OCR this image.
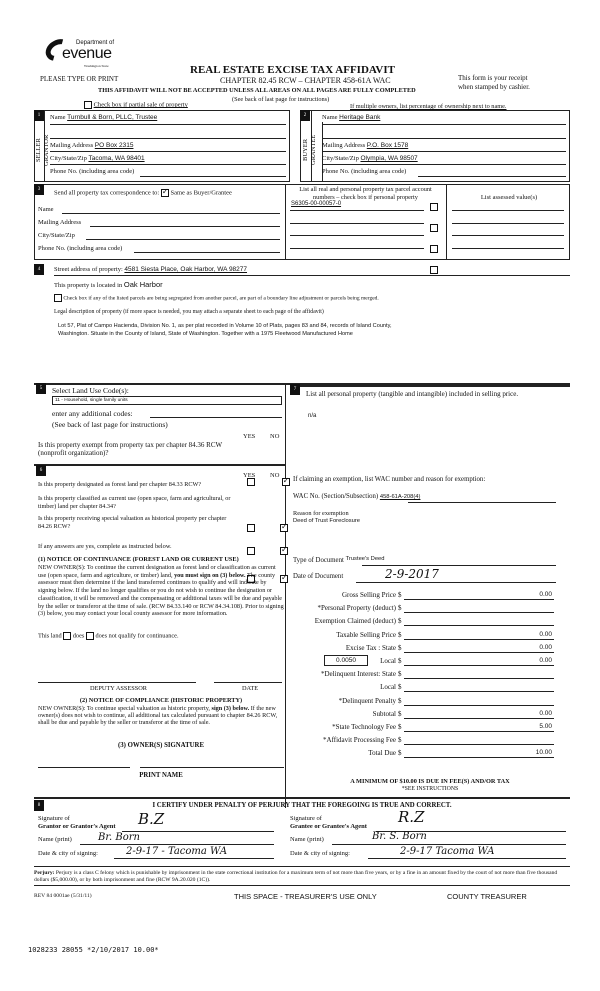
Department of
evenue
Washington State
PLEASE TYPE OR PRINT
REAL ESTATE EXCISE TAX AFFIDAVIT
CHAPTER 82.45 RCW – CHAPTER 458-61A WAC
THIS AFFIDAVIT WILL NOT BE ACCEPTED UNLESS ALL AREAS ON ALL PAGES ARE FULLY COMPLETED
(See back of last page for instructions)
This form is your receipt
when stamped by cashier.
Check box if partial sale of property	If multiple owners, list percentage of ownership next to name.
1
SELLER GRANTOR
Name Turnbull & Born, PLLC, Trustee
Mailing Address PO Box 2315
City/State/Zip Tacoma, WA 98401
Phone No. (including area code)
2
BUYER GRANTEE
Name Heritage Bank
Mailing Address P.O. Box 1578
City/State/Zip Olympia, WA 98507
Phone No. (including area code)
3	Send all property tax correspondence to: ✓ Same as Buyer/Grantee
Name
Mailing Address
City/State/Zip
Phone No. (including area code)
List all real and personal property tax parcel account numbers – check box if personal property	List assessed value(s)
S6305-00-00057-0
4	Street address of property: 4581 Siesta Place, Oak Harbor, WA 98277
This property is located in Oak Harbor
Check box if any of the listed parcels are being segregated from another parcel, are part of a boundary line adjustment or parcels being merged.
Legal description of property (if more space is needed, you may attach a separate sheet to each page of the affidavit)
Lot 57, Plat of Campo Hacienda, Division No. 1, as per plat recorded in Volume 10 of Plats, pages 83 and 84, records of Island County,
Washington. Situate in the County of Island, State of Washington. Together with a 1975 Fleetwood Manufactured Home
5	Select Land Use Code(s):
11 - Household, single family units
enter any additional codes:
(See back of last page for instructions)
YES NO
Is this property exempt from property tax per chapter 84.36 RCW (nonprofit organization)?
✓
7
List all personal property (tangible and intangible) included in selling price.
n/a
6
YES NO
Is this property designated as forest land per chapter 84.33 RCW?
✓
Is this property classified as current use (open space, farm and agricultural, or timber) land per chapter 84.34?
✓
Is this property receiving special valuation as historical property per chapter 84.26 RCW?
✓
If any answers are yes, complete as instructed below.
(1) NOTICE OF CONTINUANCE (FOREST LAND OR CURRENT USE)
NEW OWNER(S): To continue the current designation as forest land or classification as current use (open space, farm and agriculture, or timber) land, you must sign on (3) below. The county assessor must then determine if the land transferred continues to qualify and will indicate by signing below. If the land no longer qualifies or you do not wish to continue the designation or classification, it will be removed and the compensating or additional taxes will be due and payable by the seller or transferor at the time of sale. (RCW 84.33.140 or RCW 84.34.108). Prior to signing (3) below, you may contact your local county assessor for more information.
This land does does not qualify for continuance.
DEPUTY ASSESSOR	DATE
(2) NOTICE OF COMPLIANCE (HISTORIC PROPERTY)
NEW OWNER(S): To continue special valuation as historic property, sign (3) below. If the new owner(s) does not wish to continue, all additional tax calculated pursuant to chapter 84.26 RCW, shall be due and payable by the seller or transferor at the time of sale.
(3) OWNER(S) SIGNATURE
PRINT NAME
If claiming an exemption, list WAC number and reason for exemption:
WAC No. (Section/Subsection) 458-61A-208(4)
Reason for exemption
Deed of Trust Foreclosure
Type of Document Trustee's Deed
Date of Document	2-9-2017
0.0050
Gross Selling Price $	0.00
*Personal Property (deduct) $
Exemption Claimed (deduct) $
Taxable Selling Price $	0.00
Excise Tax : State $	0.00
Local $	0.00
*Delinquent Interest: State $
Local $
*Delinquent Penalty $
Subtotal $	0.00
*State Technology Fee $	5.00
*Affidavit Processing Fee $
Total Due $	10.00
A MINIMUM OF $10.00 IS DUE IN FEE(S) AND/OR TAX
*SEE INSTRUCTIONS
8	I CERTIFY UNDER PENALTY OF PERJURY THAT THE FOREGOING IS TRUE AND CORRECT.
Signature of
Grantor or Grantor's Agent B.Z
Name (print)	Br. Born
Date & city of signing:	2-9-17 - Tacoma WA
Signature of
Grantee or Grantee's Agent
R.Z
Name (print)	Br. S. Born
Date & city of signing:	2-9-17 Tacoma WA
Perjury: Perjury is a class C felony which is punishable by imprisonment in the state correctional institution for a maximum term of not more than five years, or by a fine in an amount fixed by the court of not more than five thousand dollars ($5,000.00), or by both imprisonment and fine (RCW 9A.20.020 (1C)).
REV 84 0001ae (5/31/11)	THIS SPACE - TREASURER'S USE ONLY	COUNTY TREASURER
1028233 28055 *2/10/2017 10.00*
